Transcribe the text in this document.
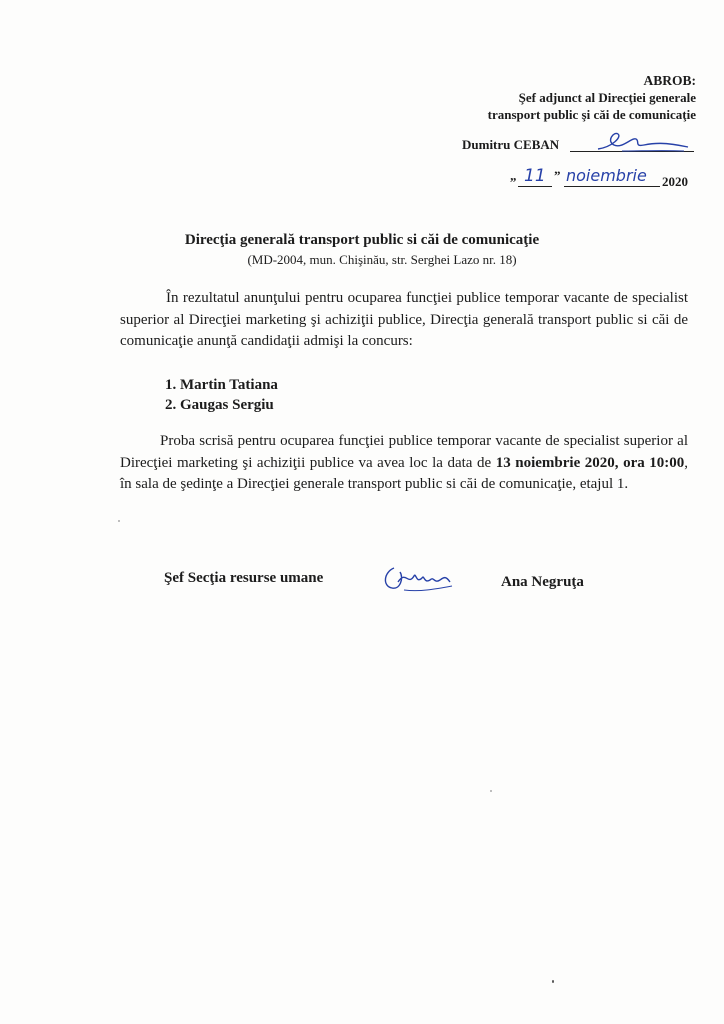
ABROB:
Şef adjunct al Direcţiei generale
transport public şi căi de comunicaţie
Dumitru CEBAN
„ 11 ” noiembrie 2020
Direcţia generală transport public si căi de comunicaţie
(MD-2004, mun. Chişinău, str. Serghei Lazo nr. 18)
În rezultatul anunţului pentru ocuparea funcţiei publice temporar vacante de specialist superior al Direcţiei marketing şi achiziţii publice, Direcţia generală transport public si căi de comunicaţie anunţă candidaţii admişi la concurs:
1. Martin Tatiana
2. Gaugas Sergiu
Proba scrisă pentru ocuparea funcţiei publice temporar vacante de specialist superior al Direcţiei marketing şi achiziţii publice va avea loc la data de 13 noiembrie 2020, ora 10:00, în sala de şedinţe a Direcţiei generale transport public si căi de comunicaţie, etajul 1.
Şef Secţia resurse umane	Ana Negruţa
